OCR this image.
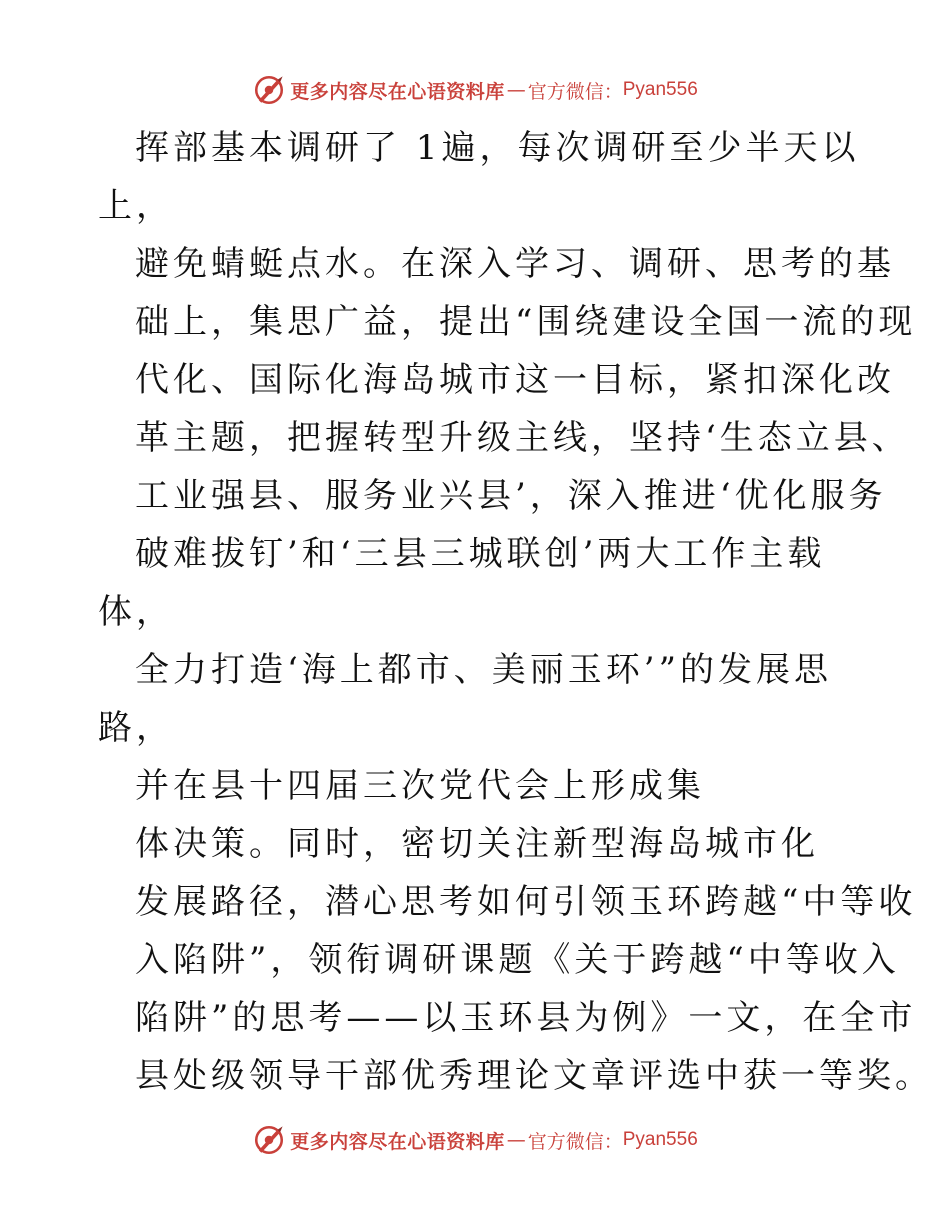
更多内容尽在心语资料库 — 官方微信： Pyan556
挥部基本调研了 1遍，每次调研至少半天以
上，
避免蜻蜓点水。在深入学习、调研、思考的基
础上，集思广益，提出“围绕建设全国一流的现
代化、国际化海岛城市这一目标，紧扣深化改
革主题，把握转型升级主线，坚持‘生态立县、
工业强县、服务业兴县’，深入推进‘优化服务
破难拔钉’和‘三县三城联创’两大工作主载
体，
全力打造‘海上都市、美丽玉环’”的发展思
路，
并在县十四届三次党代会上形成集
体决策。同时，密切关注新型海岛城市化
发展路径，潜心思考如何引领玉环跨越“中等收
入陷阱”，领衔调研课题《关于跨越“中等收入
陷阱”的思考——以玉环县为例》一文，在全市
县处级领导干部优秀理论文章评选中获一等奖。
更多内容尽在心语资料库 — 官方微信： Pyan556
